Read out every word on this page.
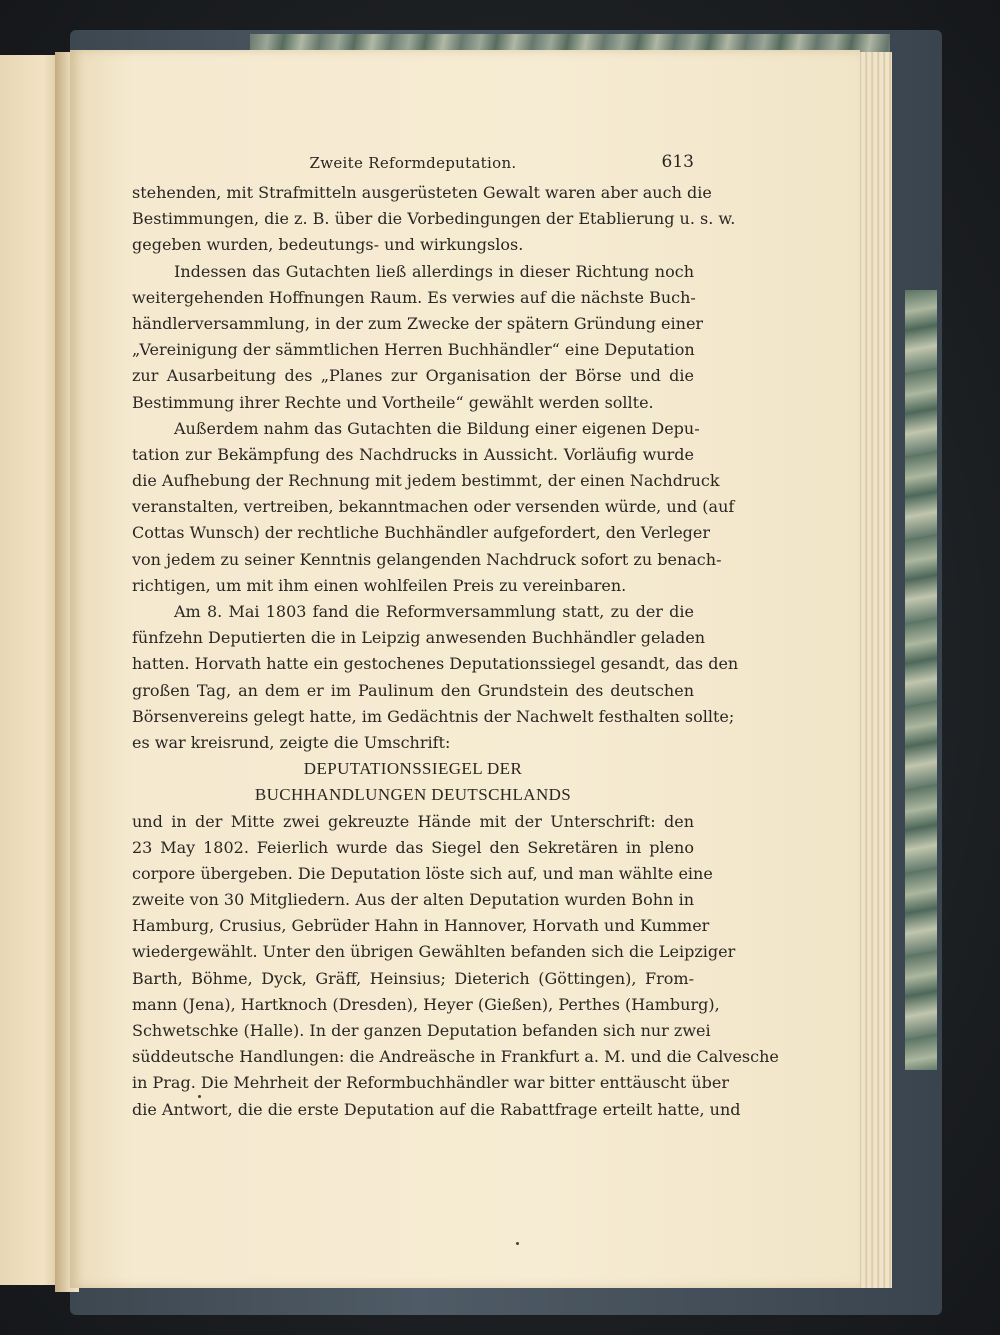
Zweite Reformdeputation.	613
stehenden, mit Strafmitteln ausgerüsteten Gewalt waren aber auch die
Bestimmungen, die z. B. über die Vorbedingungen der Etablierung u. s. w.
gegeben wurden, bedeutungs- und wirkungslos.
Indessen das Gutachten ließ allerdings in dieser Richtung noch
weitergehenden Hoffnungen Raum. Es verwies auf die nächste Buch-
händlerversammlung, in der zum Zwecke der spätern Gründung einer
„Vereinigung der sämmtlichen Herren Buchhändler“ eine Deputation
zur Ausarbeitung des „Planes zur Organisation der Börse und die
Bestimmung ihrer Rechte und Vortheile“ gewählt werden sollte.
Außerdem nahm das Gutachten die Bildung einer eigenen Depu-
tation zur Bekämpfung des Nachdrucks in Aussicht. Vorläufig wurde
die Aufhebung der Rechnung mit jedem bestimmt, der einen Nachdruck
veranstalten, vertreiben, bekanntmachen oder versenden würde, und (auf
Cottas Wunsch) der rechtliche Buchhändler aufgefordert, den Verleger
von jedem zu seiner Kenntnis gelangenden Nachdruck sofort zu benach-
richtigen, um mit ihm einen wohlfeilen Preis zu vereinbaren.
Am 8. Mai 1803 fand die Reformversammlung statt, zu der die
fünfzehn Deputierten die in Leipzig anwesenden Buchhändler geladen
hatten. Horvath hatte ein gestochenes Deputationssiegel gesandt, das den
großen Tag, an dem er im Paulinum den Grundstein des deutschen
Börsenvereins gelegt hatte, im Gedächtnis der Nachwelt festhalten sollte;
es war kreisrund, zeigte die Umschrift:
DEPUTATIONSSIEGEL DER
BUCHHANDLUNGEN DEUTSCHLANDS
und in der Mitte zwei gekreuzte Hände mit der Unterschrift: den
23 May 1802. Feierlich wurde das Siegel den Sekretären in pleno
corpore übergeben. Die Deputation löste sich auf, und man wählte eine
zweite von 30 Mitgliedern. Aus der alten Deputation wurden Bohn in
Hamburg, Crusius, Gebrüder Hahn in Hannover, Horvath und Kummer
wiedergewählt. Unter den übrigen Gewählten befanden sich die Leipziger
Barth, Böhme, Dyck, Gräff, Heinsius; Dieterich (Göttingen), From-
mann (Jena), Hartknoch (Dresden), Heyer (Gießen), Perthes (Hamburg),
Schwetschke (Halle). In der ganzen Deputation befanden sich nur zwei
süddeutsche Handlungen: die Andreäsche in Frankfurt a. M. und die Calvesche
in Prag. Die Mehrheit der Reformbuchhändler war bitter enttäuscht über
die Antwort, die die erste Deputation auf die Rabattfrage erteilt hatte, und
